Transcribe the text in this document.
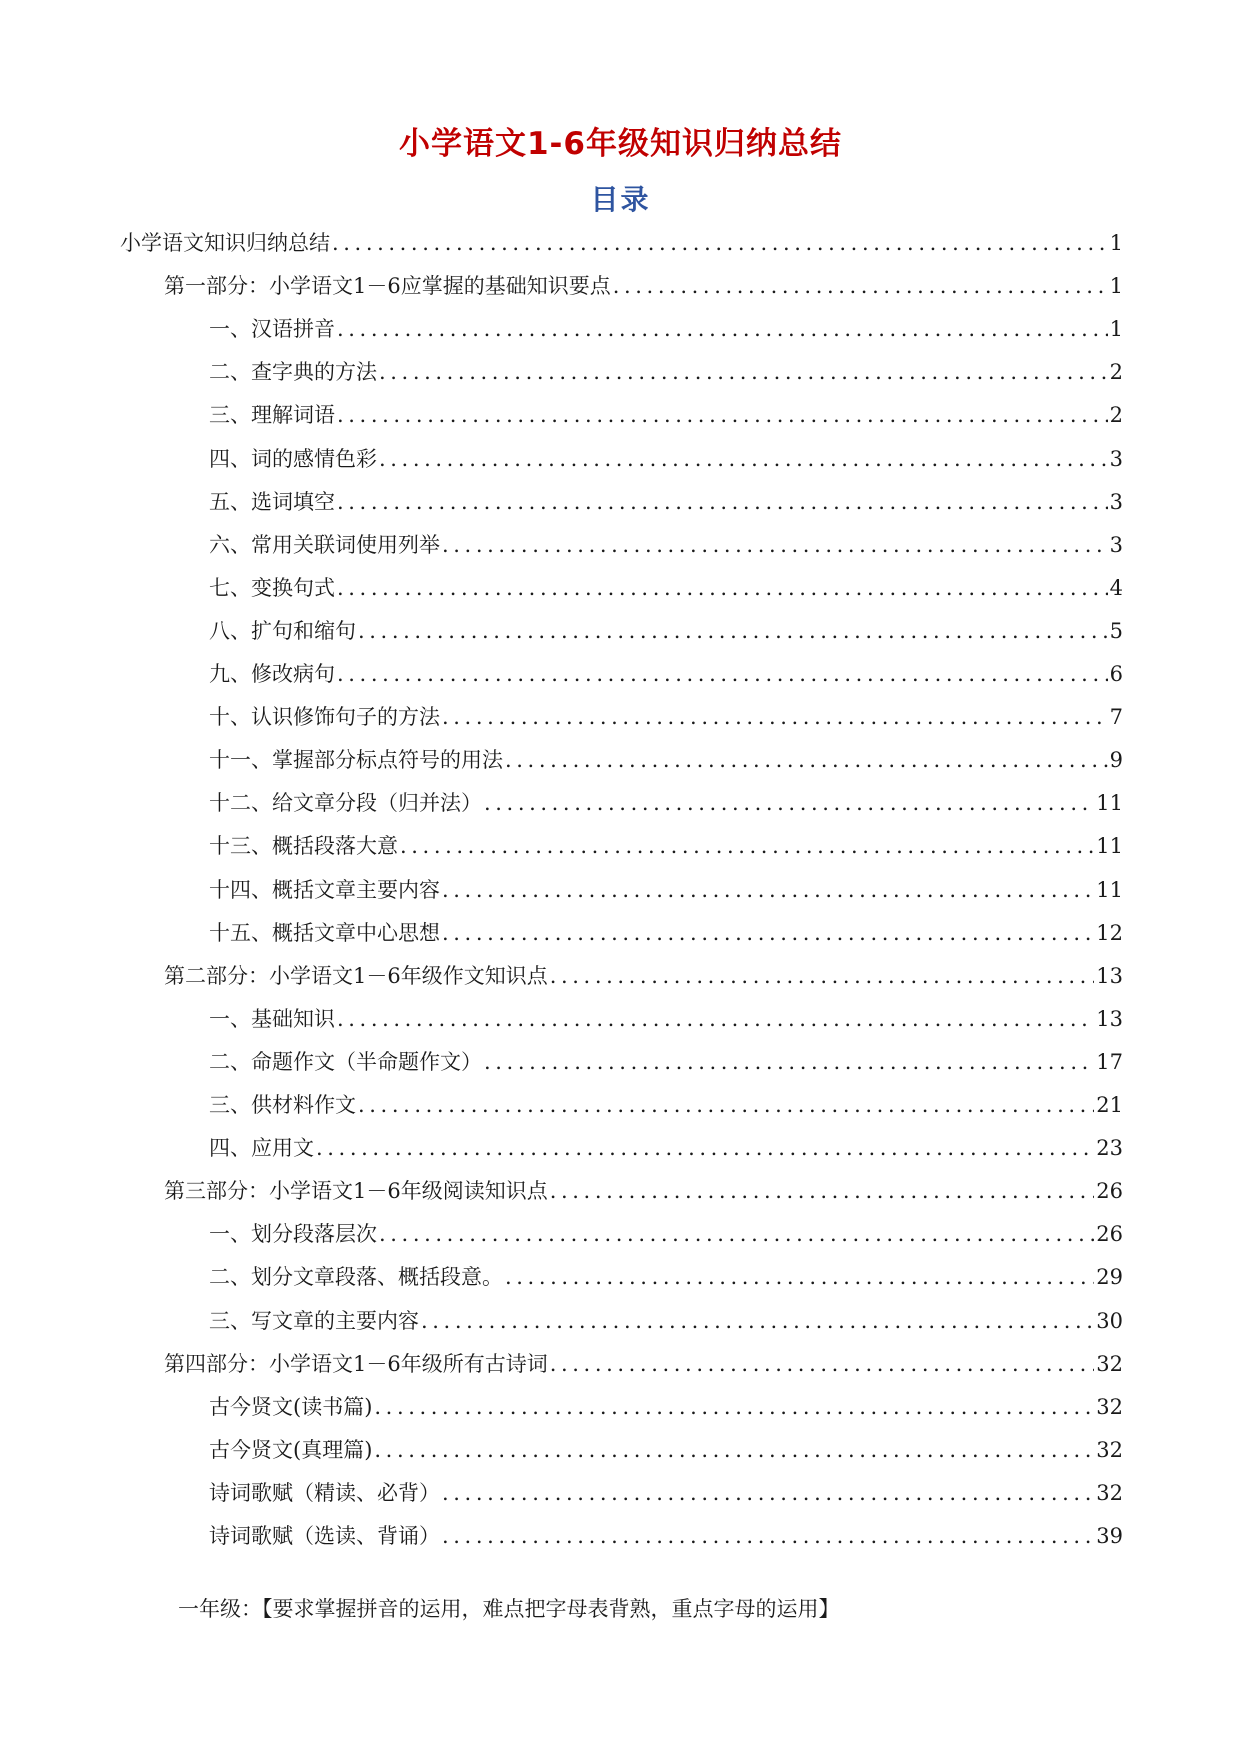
小学语文1-6年级知识归纳总结
目录
小学语文知识归纳总结 .....	1
第一部分：小学语文1－6应掌握的基础知识要点 .....	1
一、汉语拼音 .....	1
二、查字典的方法 .....	2
三、理解词语 .....	2
四、词的感情色彩 .....	3
五、选词填空 .....	3
六、常用关联词使用列举 .....	3
七、变换句式 .....	4
八、扩句和缩句 .....	5
九、修改病句 .....	6
十、认识修饰句子的方法 .....	7
十一、掌握部分标点符号的用法 .....	9
十二、给文章分段（归并法） .....	11
十三、概括段落大意 .....	11
十四、概括文章主要内容 .....	11
十五、概括文章中心思想 .....	12
第二部分：小学语文1－6年级作文知识点 .....	13
一、基础知识 .....	13
二、命题作文（半命题作文） .....	17
三、供材料作文 .....	21
四、应用文 .....	23
第三部分：小学语文1－6年级阅读知识点 .....	26
一、划分段落层次 .....	26
二、划分文章段落、概括段意。 .....	29
三、写文章的主要内容 .....	30
第四部分：小学语文1－6年级所有古诗词 .....	32
古今贤文(读书篇) .....	32
古今贤文(真理篇) .....	32
诗词歌赋（精读、必背） .....	32
诗词歌赋（选读、背诵） .....	39
一年级：【要求掌握拼音的运用，难点把字母表背熟，重点字母的运用】
